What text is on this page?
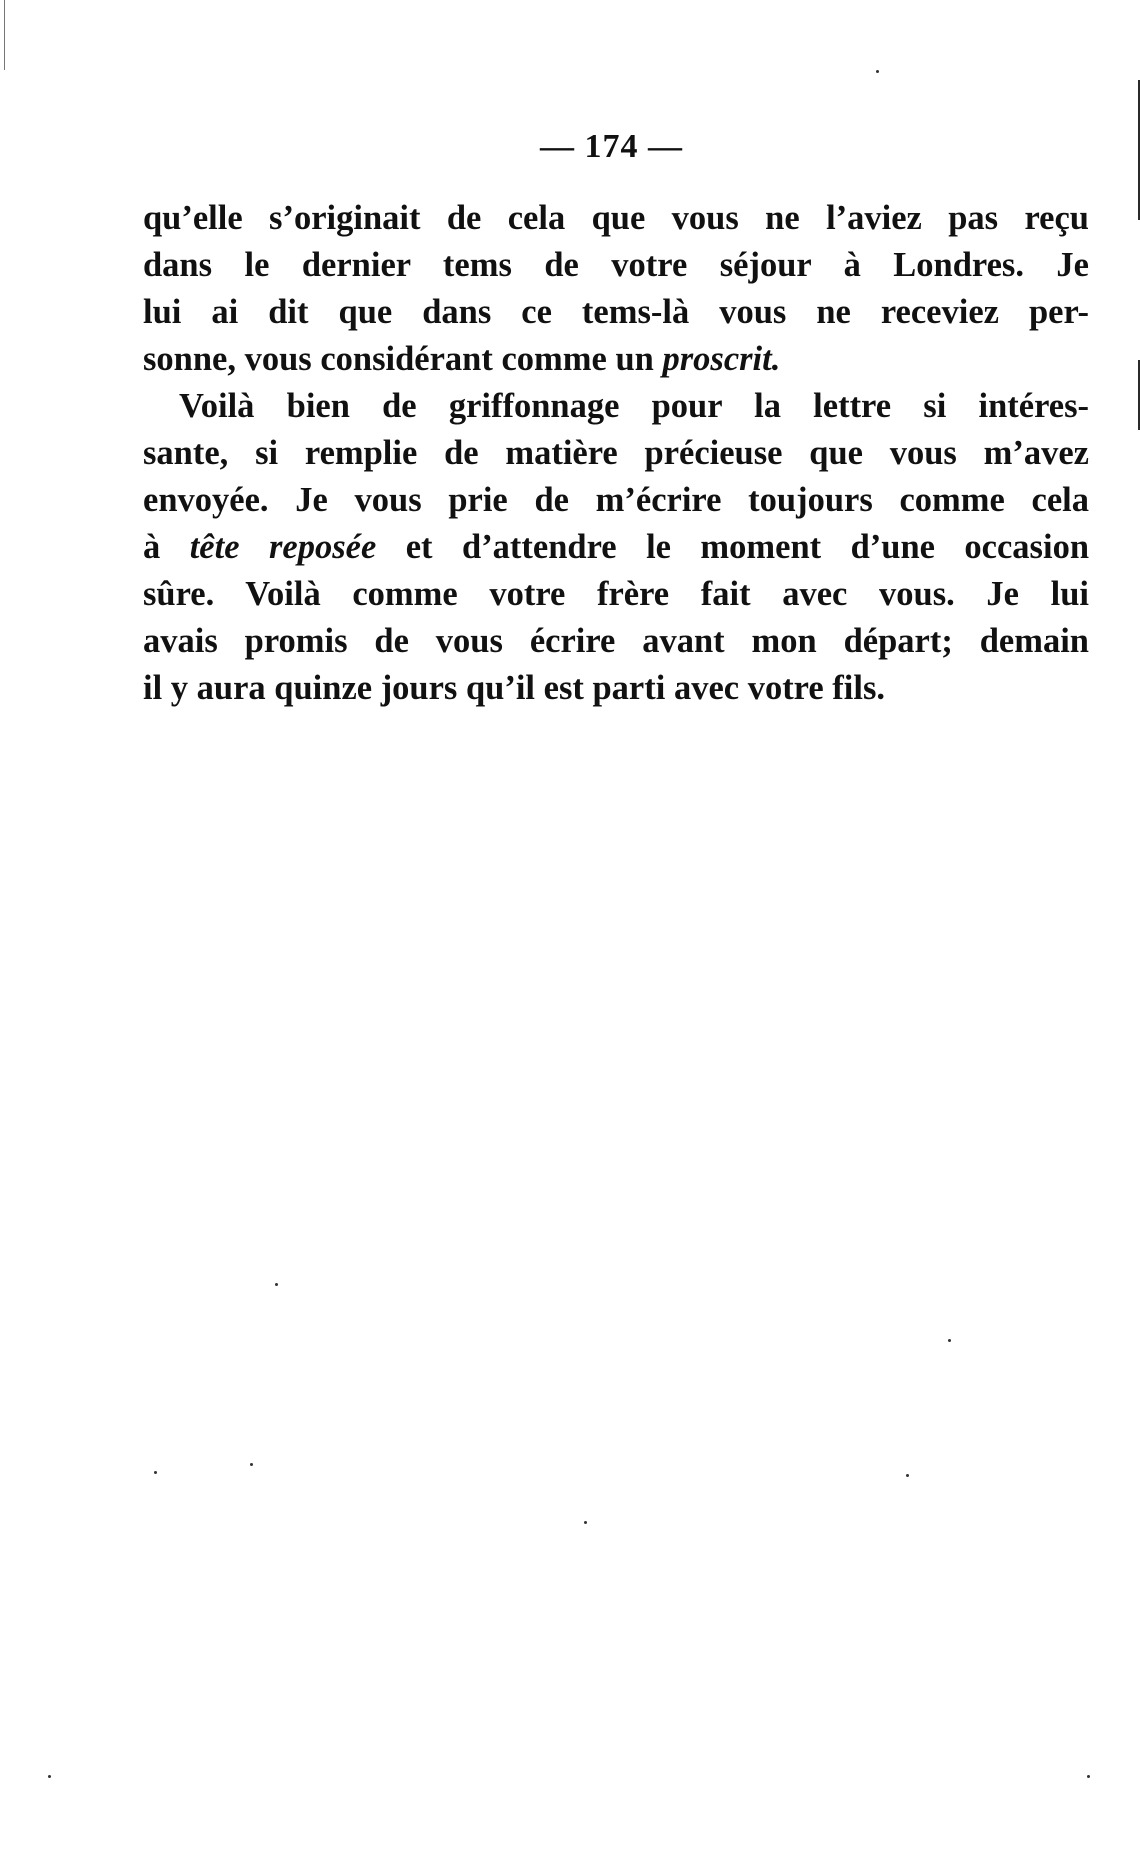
— 174 —
qu’elle s’originait de cela que vous ne l’aviez pas reçu
dans le dernier tems de votre séjour à Londres. Je
lui ai dit que dans ce tems-là vous ne receviez per-
sonne, vous considérant comme un proscrit.
Voilà bien de griffonnage pour la lettre si intéres-
sante, si remplie de matière précieuse que vous m’avez
envoyée. Je vous prie de m’écrire toujours comme cela
à tête reposée et d’attendre le moment d’une occasion
sûre. Voilà comme votre frère fait avec vous. Je lui
avais promis de vous écrire avant mon départ; demain
il y aura quinze jours qu’il est parti avec votre fils.
